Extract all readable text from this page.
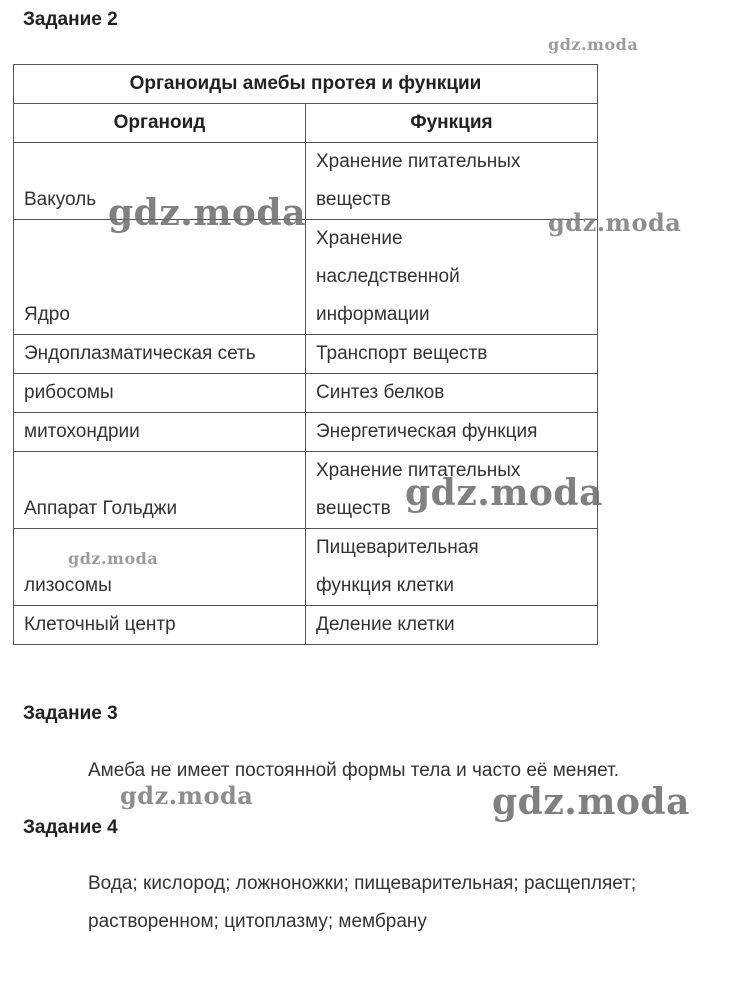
Задание 2
gdz.moda
Органоиды амебы протея и функции	
Органоид	Функция
Вакуоль	Хранение питательных
веществ

Ядро	Хранение
наследственной
информации

Эндоплазматическая сеть	Транспорт веществ

рибосомы	Синтез белков

митохондрии	Энергетическая функция

Аппарат Гольджи	Хранение питательных
веществ

лизосомы	Пищеварительная
функция клетки

Клеточный центр	Деление клетки
gdz.moda	gdz.moda
gdz.moda
gdz.moda
Задание 3

Амеба не имеет постоянной формы тела и часто её меняет.

gdz.moda	gdz.moda
Задание 4
Вода; кислород; ложноножки; пищеварительная; расщепляет;
растворенном; цитоплазму; мембрану
